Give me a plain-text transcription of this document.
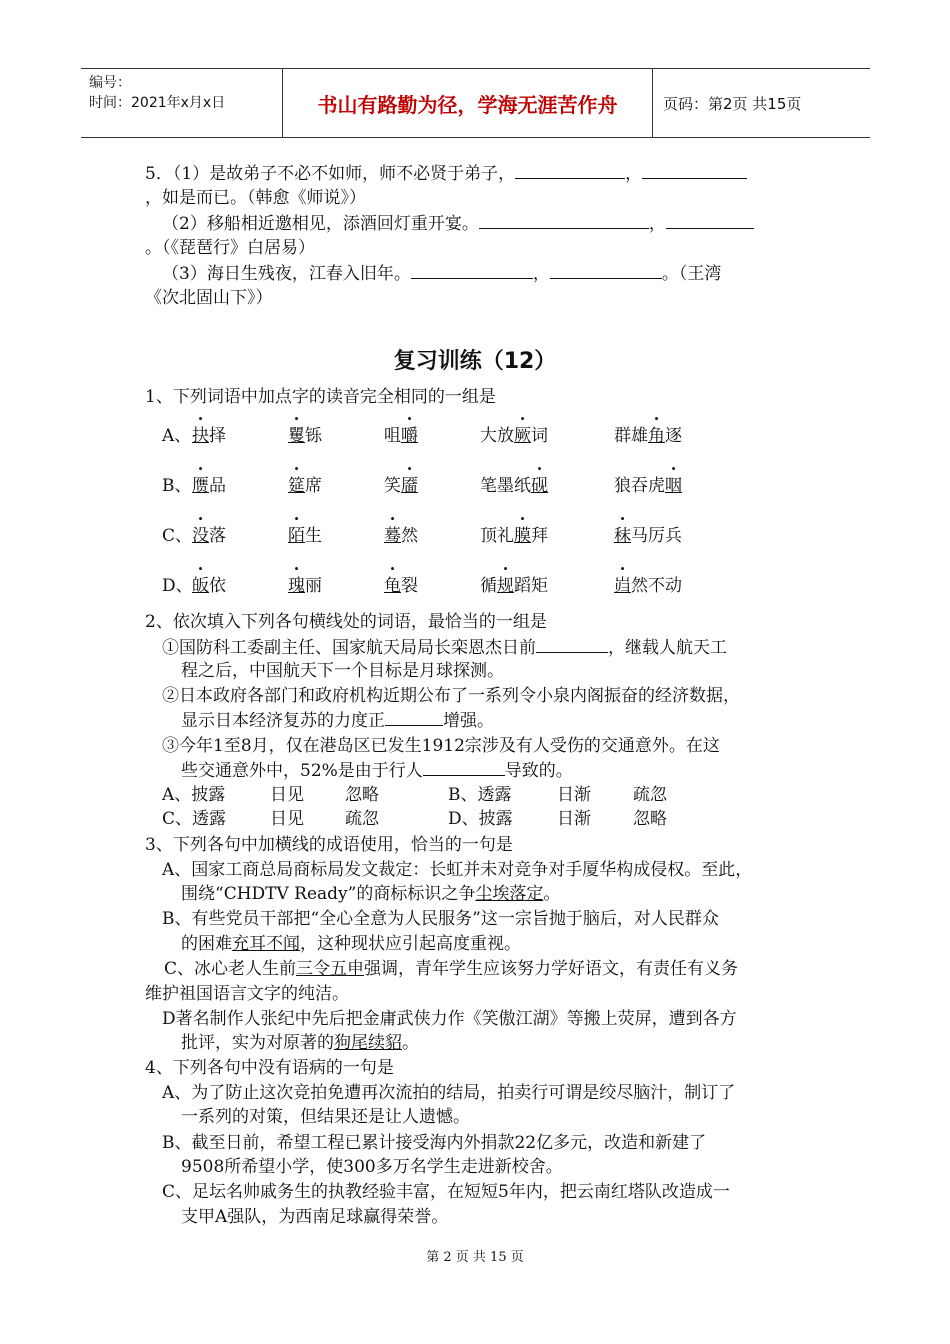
编号：
时间：2021年x月x日	书山有路勤为径，学海无涯苦作舟	页码：第2页 共15页
5．（1）是故弟子不必不如师，师不必贤于弟子，	，
，如是而已。（韩愈《师说》）
（2）移船相近邀相见，添酒回灯重开宴。	，
。（《琵琶行》白居易）
（3）海日生残夜，江春入旧年。	，	。（王湾
《次北固山下》）
复习训练（12）
1、下列词语中加点字的读音完全相同的一组是
A、 抉择	矍铄	咀嚼	大放厥词	群雄角逐
B、 赝品	筵席	笑靥	笔墨纸砚	狼吞虎咽
C、 没落	陌生	蓦然	顶礼膜拜	秣马厉兵
D、 皈依	瑰丽	龟裂	循规蹈矩	岿然不动
2、依次填入下列各句横线处的词语，最恰当的一组是
①国防科工委副主任、国家航天局局长栾恩杰日前	，继载人航天工
程之后，中国航天下一个目标是月球探测。
②日本政府各部门和政府机构近期公布了一系列令小泉内阁振奋的经济数据，
显示日本经济复苏的力度正	增强。
③今年1至8月，仅在港岛区已发生1912宗涉及有人受伤的交通意外。在这
些交通意外中，52%是由于行人	导致的。
A、披露	日见 忽略	B、透露	日渐 疏忽
C、透露	日见 疏忽	D、披露	日渐 忽略
3、下列各句中加横线的成语使用，恰当的一句是
A、国家工商总局商标局发文裁定：长虹并未对竞争对手厦华构成侵权。至此，
围绕“CHDTV Ready”的商标标识之争尘埃落定。
B、有些党员干部把“全心全意为人民服务”这一宗旨抛于脑后，对人民群众
的困难充耳不闻，这种现状应引起高度重视。
C、冰心老人生前三令五申强调，青年学生应该努力学好语文，有责任有义务
维护祖国语言文字的纯洁。
D著名制作人张纪中先后把金庸武侠力作《笑傲江湖》等搬上荧屏，遭到各方
批评，实为对原著的狗尾续貂。
4、下列各句中没有语病的一句是
A、为了防止这次竞拍免遭再次流拍的结局，拍卖行可谓是绞尽脑汁，制订了
一系列的对策，但结果还是让人遗憾。
B、截至日前，希望工程已累计接受海内外捐款22亿多元，改造和新建了
9508所希望小学，使300多万名学生走进新校舍。
C、足坛名帅戚务生的执教经验丰富，在短短5年内，把云南红塔队改造成一
支甲A强队，为西南足球赢得荣誉。
第 2 页 共 15 页
